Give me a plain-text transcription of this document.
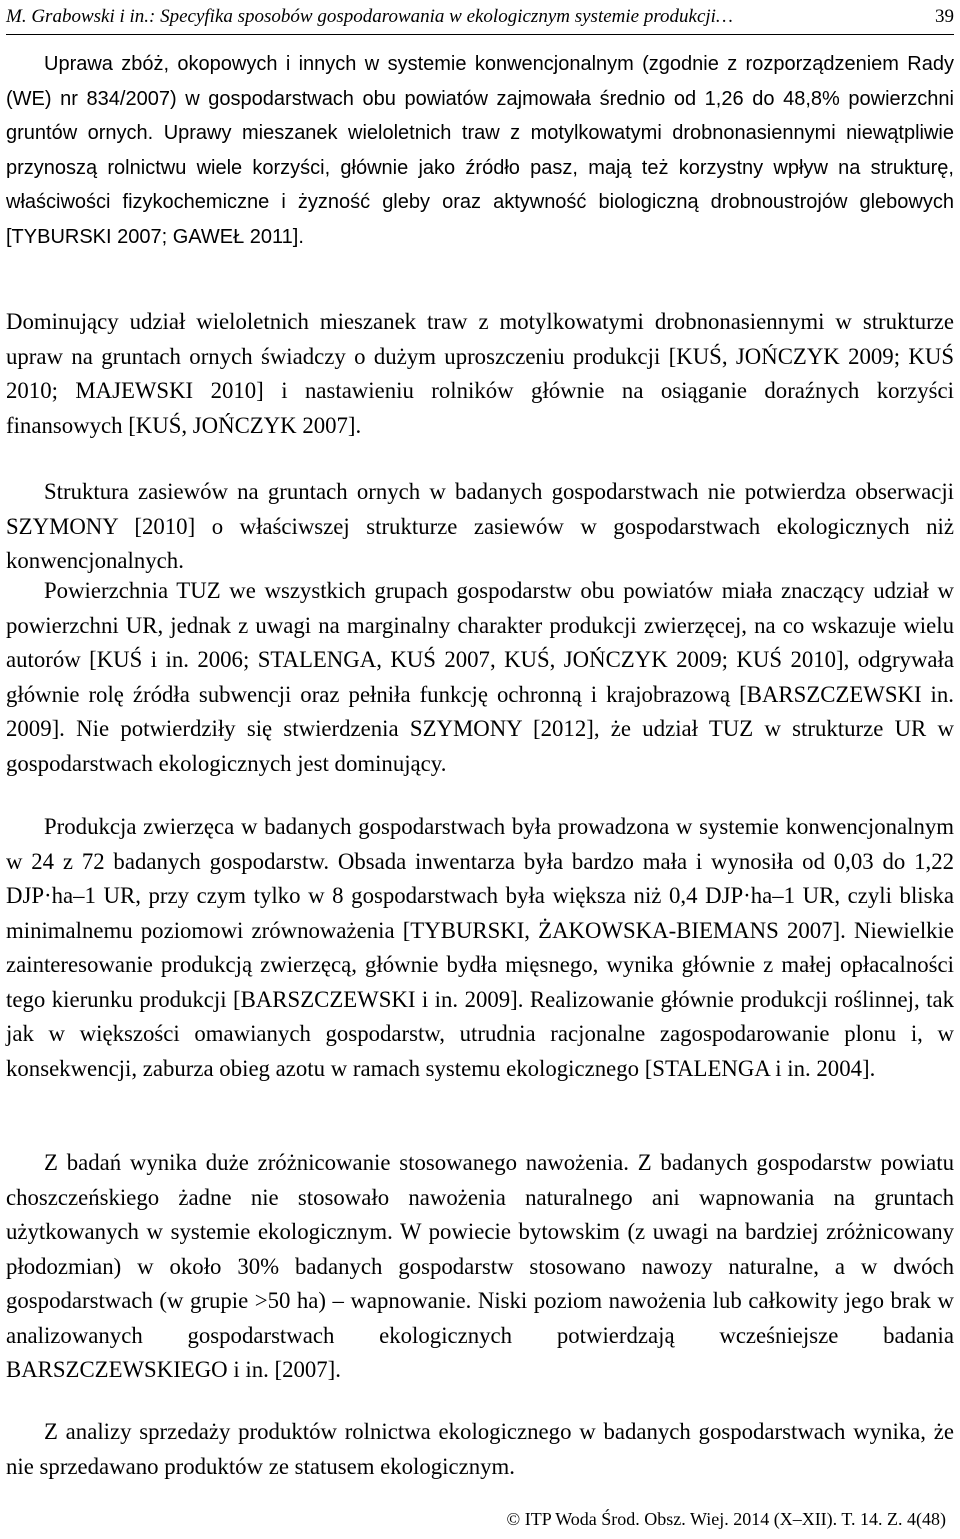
M. Grabowski i in.: Specyfika sposobów gospodarowania w ekologicznym systemie produkcji…	39

Uprawa zbóż, okopowych i innych w systemie konwencjonalnym (zgodnie z rozporządzeniem Rady (WE) nr 834/2007) w gospodarstwach obu powiatów zajmowała średnio od 1,26 do 48,8% powierzchni gruntów ornych. Uprawy mieszanek wieloletnich traw z motylkowatymi drobnonasiennymi niewątpliwie przynoszą rolnictwu wiele korzyści, głównie jako źródło pasz, mają też korzystny wpływ na strukturę, właściwości fizykochemiczne i żyzność gleby oraz aktywność biologiczną drobnoustrojów glebowych [TYBURSKI 2007; GAWEŁ 2011].

Dominujący udział wieloletnich mieszanek traw z motylkowatymi drobnonasiennymi w strukturze upraw na gruntach ornych świadczy o dużym uproszczeniu produkcji [KUŚ, JOŃCZYK 2009; KUŚ 2010; MAJEWSKI 2010] i nastawieniu rolników głównie na osiąganie doraźnych korzyści finansowych [KUŚ, JOŃCZYK 2007].

Struktura zasiewów na gruntach ornych w badanych gospodarstwach nie potwierdza obserwacji SZYMONY [2010] o właściwszej strukturze zasiewów w gospodarstwach ekologicznych niż konwencjonalnych.

Powierzchnia TUZ we wszystkich grupach gospodarstw obu powiatów miała znaczący udział w powierzchni UR, jednak z uwagi na marginalny charakter produkcji zwierzęcej, na co wskazuje wielu autorów [KUŚ i in. 2006; STALENGA, KUŚ 2007, KUŚ, JOŃCZYK 2009; KUŚ 2010], odgrywała głównie rolę źródła subwencji oraz pełniła funkcję ochronną i krajobrazową [BARSZCZEWSKI in. 2009]. Nie potwierdziły się stwierdzenia SZYMONY [2012], że udział TUZ w strukturze UR w gospodarstwach ekologicznych jest dominujący.

Produkcja zwierzęca w badanych gospodarstwach była prowadzona w systemie konwencjonalnym w 24 z 72 badanych gospodarstw. Obsada inwentarza była bardzo mała i wynosiła od 0,03 do 1,22 DJP·ha–1 UR, przy czym tylko w 8 gospodarstwach była większa niż 0,4 DJP·ha–1 UR, czyli bliska minimalnemu poziomowi zrównoważenia [TYBURSKI, ŻAKOWSKA-BIEMANS 2007]. Niewielkie zainteresowanie produkcją zwierzęcą, głównie bydła mięsnego, wynika głównie z małej opłacalności tego kierunku produkcji [BARSZCZEWSKI i in. 2009]. Realizowanie głównie produkcji roślinnej, tak jak w większości omawianych gospodarstw, utrudnia racjonalne zagospodarowanie plonu i, w konsekwencji, zaburza obieg azotu w ramach systemu ekologicznego [STALENGA i in. 2004].

Z badań wynika duże zróżnicowanie stosowanego nawożenia. Z badanych gospodarstw powiatu choszczeńskiego żadne nie stosowało nawożenia naturalnego ani wapnowania na gruntach użytkowanych w systemie ekologicznym. W powiecie bytowskim (z uwagi na bardziej zróżnicowany płodozmian) w około 30% badanych gospodarstw stosowano nawozy naturalne, a w dwóch gospodarstwach (w grupie >50 ha) – wapnowanie. Niski poziom nawożenia lub całkowity jego brak w analizowanych gospodarstwach ekologicznych potwierdzają wcześniejsze badania BARSZCZEWSKIEGO i in. [2007].

Z analizy sprzedaży produktów rolnictwa ekologicznego w badanych gospodarstwach wynika, że nie sprzedawano produktów ze statusem ekologicznym.

© ITP Woda Środ. Obsz. Wiej. 2014 (X–XII). T. 14. Z. 4(48)
